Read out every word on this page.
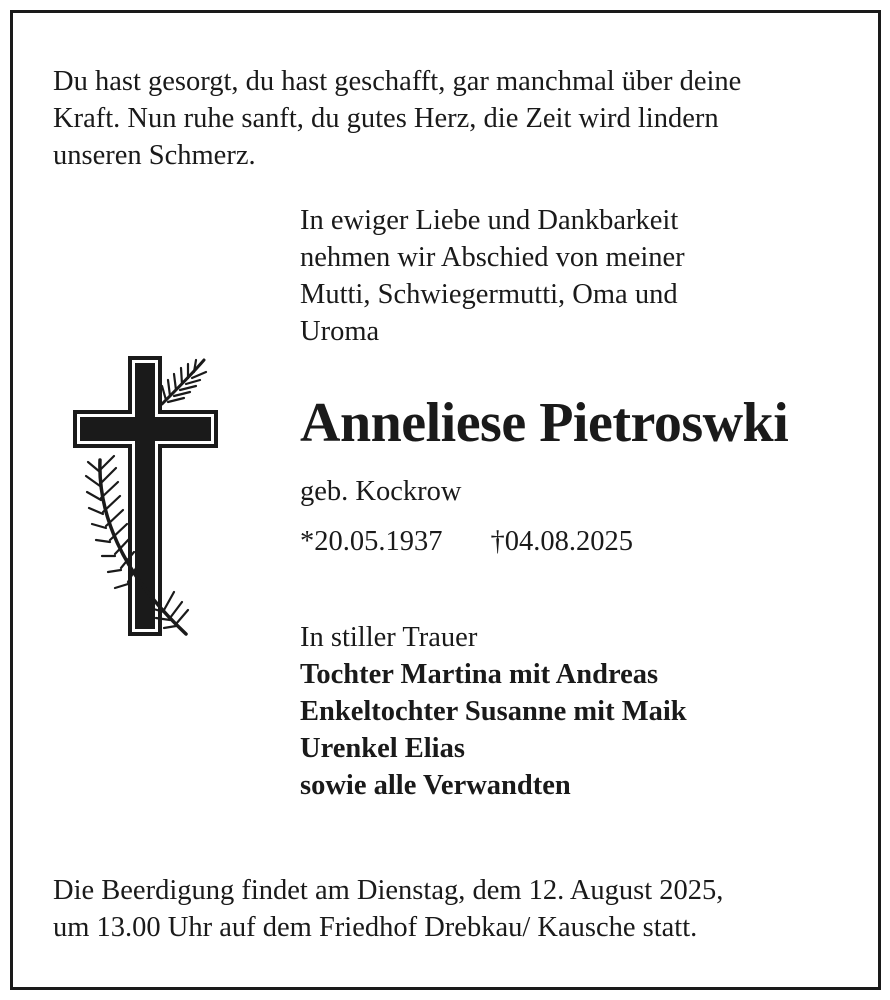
Du hast gesorgt, du hast geschafft, gar manchmal über deine
Kraft. Nun ruhe sanft, du gutes Herz, die Zeit wird lindern
unseren Schmerz.
In ewiger Liebe und Dankbarkeit
nehmen wir Abschied von meiner
Mutti, Schwiegermutti, Oma und
Uroma
Anneliese Pietroswki
geb. Kockrow
*20.05.1937 †04.08.2025
In stiller Trauer
Tochter Martina mit Andreas
Enkeltochter Susanne mit Maik
Urenkel Elias
sowie alle Verwandten
Die Beerdigung findet am Dienstag, dem 12. August 2025,
um 13.00 Uhr auf dem Friedhof Drebkau/ Kausche statt.
